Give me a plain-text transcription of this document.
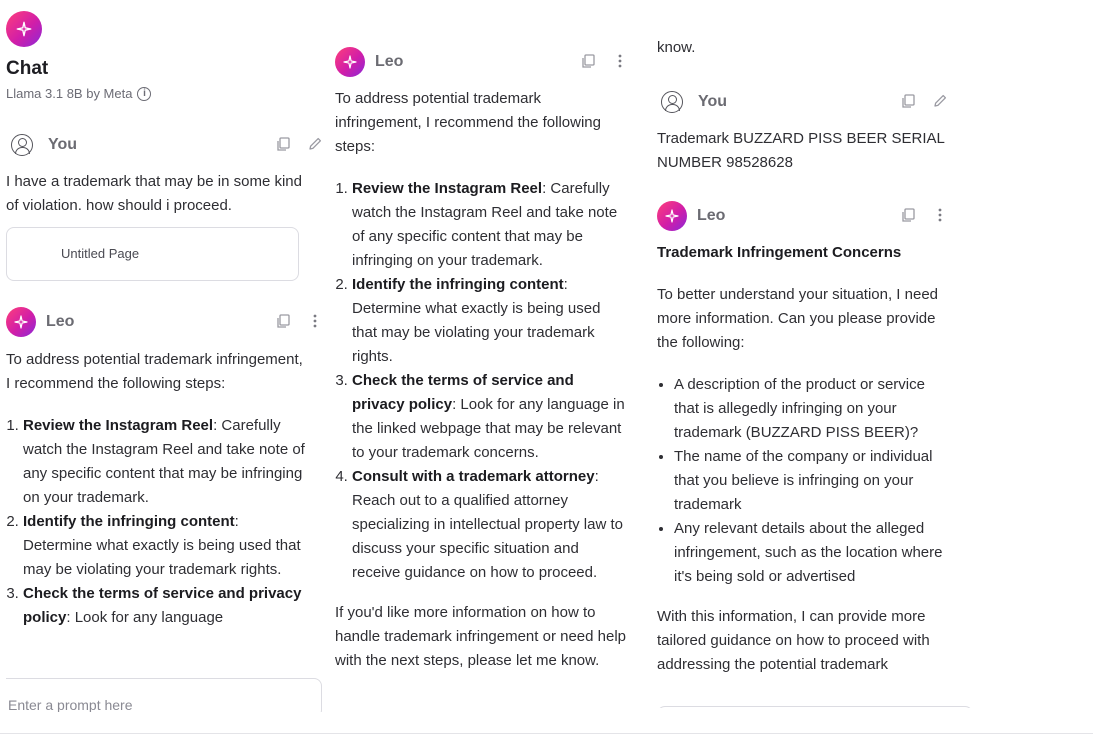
Chat
Llama 3.1 8B by Meta	i
You
I have a trademark that may be in some kind of violation. how should i proceed.
Untitled Page
Leo
To address potential trademark infringement, I recommend the following steps:
1. Review the Instagram Reel: Carefully watch the Instagram Reel and take note of any specific content that may be infringing on your trademark.
2. Identify the infringing content: Determine what exactly is being used that may be violating your trademark rights.
3. Check the terms of service and privacy policy: Look for any language
Enter a prompt here
Leo
To address potential trademark infringement, I recommend the following steps:
1. Review the Instagram Reel: Carefully watch the Instagram Reel and take note of any specific content that may be infringing on your trademark.
2. Identify the infringing content: Determine what exactly is being used that may be violating your trademark rights.
3. Check the terms of service and privacy policy: Look for any language in the linked webpage that may be relevant to your trademark concerns.
4. Consult with a trademark attorney: Reach out to a qualified attorney specializing in intellectual property law to discuss your specific situation and receive guidance on how to proceed.
If you'd like more information on how to handle trademark infringement or need help with the next steps, please let me know.
know.
You
Trademark BUZZARD PISS BEER SERIAL NUMBER 98528628
Leo
Trademark Infringement Concerns
To better understand your situation, I need more information. Can you please provide the following:
• A description of the product or service that is allegedly infringing on your trademark (BUZZARD PISS BEER)?
• The name of the company or individual that you believe is infringing on your trademark
• Any relevant details about the alleged infringement, such as the location where it's being sold or advertised
With this information, I can provide more tailored guidance on how to proceed with addressing the potential trademark
